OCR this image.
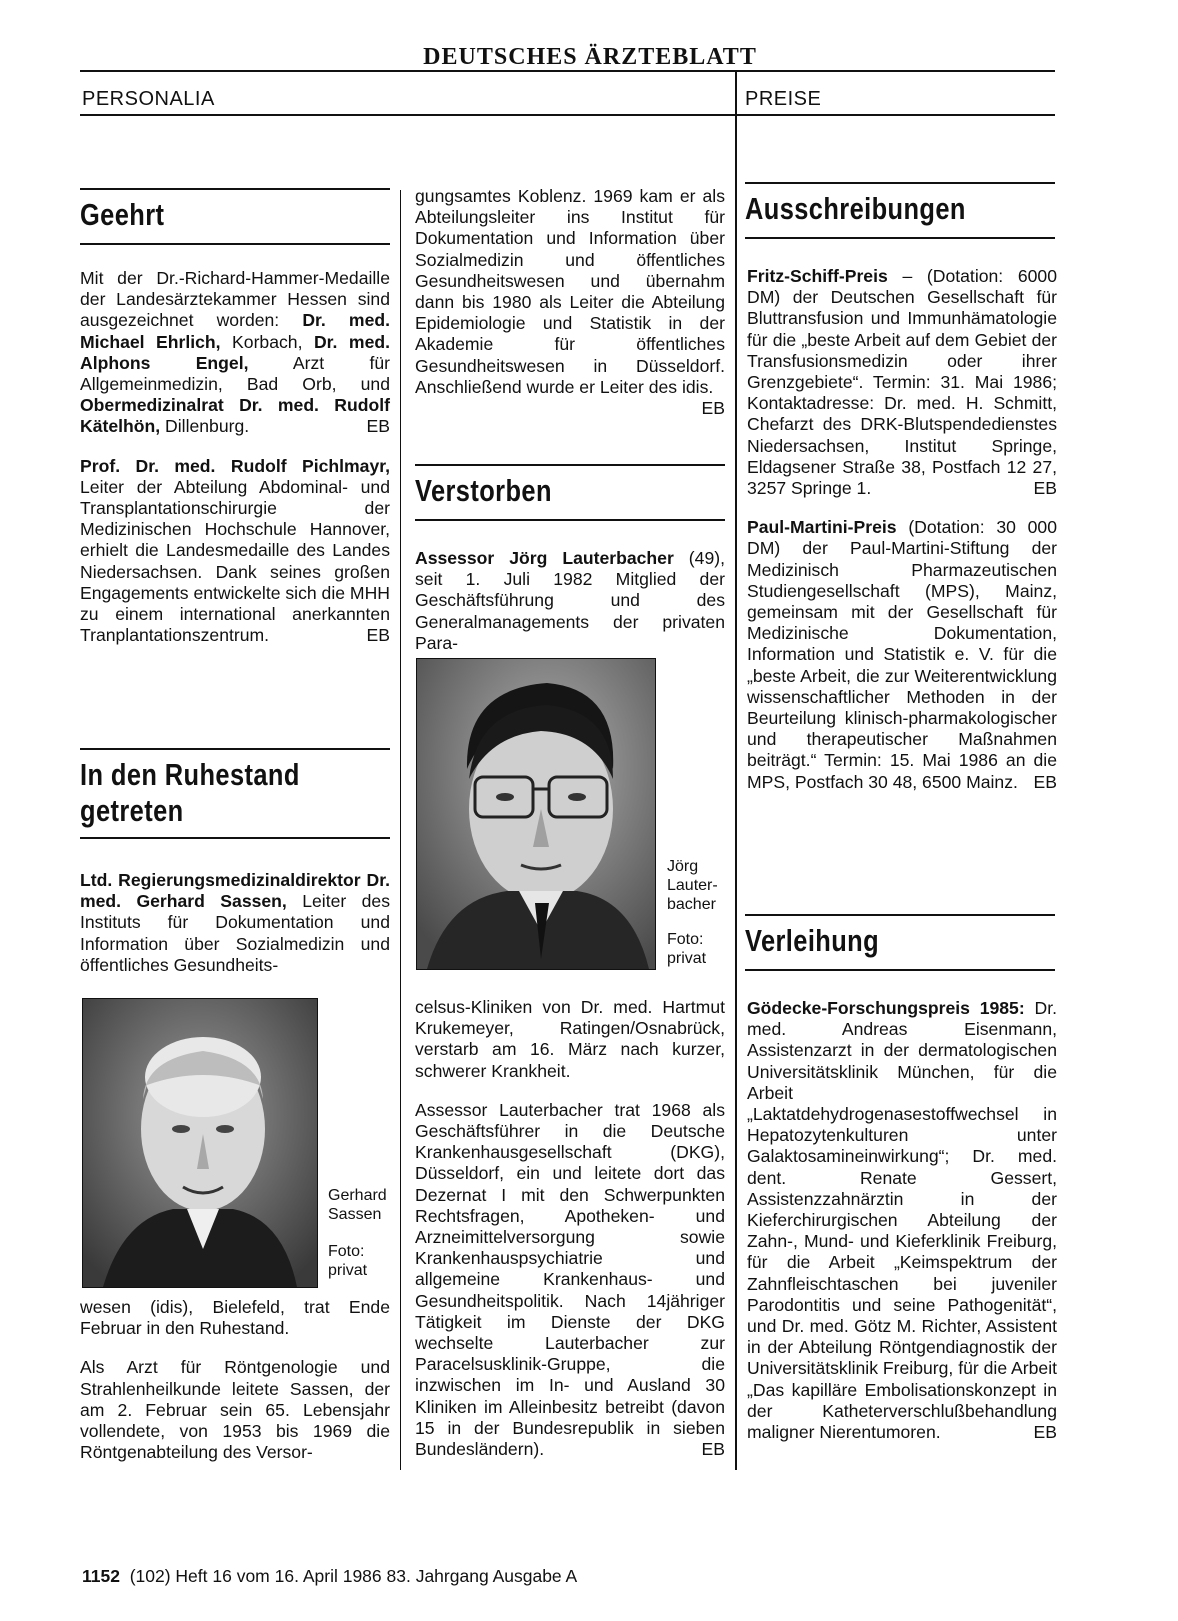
DEUTSCHES ÄRZTEBLATT
PERSONALIA	PREISE
Geehrt

Mit der Dr.-Richard-Hammer-Medaille der Landesärztekammer Hessen sind ausgezeichnet worden: Dr. med. Michael Ehrlich, Korbach, Dr. med. Alphons Engel, Arzt für Allgemeinmedizin, Bad Orb, und Obermedizinalrat Dr. med. Rudolf Kätelhön, Dillenburg.	EB

Prof. Dr. med. Rudolf Pichlmayr, Leiter der Abteilung Abdominal- und Transplantationschirurgie der Medizinischen Hochschule Hannover, erhielt die Landesmedaille des Landes Niedersachsen. Dank seines großen Engagements entwickelte sich die MHH zu einem international anerkannten Tranplantationszentrum.	EB

In den Ruhestand getreten

Ltd. Regierungsmedizinaldirektor Dr. med. Gerhard Sassen, Leiter des Instituts für Dokumentation und Information über Sozialmedizin und öffentliches Gesundheits-

Gerhard Sassen
Foto: privat

wesen (idis), Bielefeld, trat Ende Februar in den Ruhestand.

Als Arzt für Röntgenologie und Strahlenheilkunde leitete Sassen, der am 2. Februar sein 65. Lebensjahr vollendete, von 1953 bis 1969 die Röntgenabteilung des Versor-

gungsamtes Koblenz. 1969 kam er als Abteilungsleiter ins Institut für Dokumentation und Information über Sozialmedizin und öffentliches Gesundheitswesen und übernahm dann bis 1980 als Leiter die Abteilung Epidemiologie und Statistik in der Akademie für öffentliches Gesundheitswesen in Düsseldorf. Anschließend wurde er Leiter des idis.
EB

Verstorben

Assessor Jörg Lauterbacher (49), seit 1. Juli 1982 Mitglied der Geschäftsführung und des Generalmanagements der privaten Para-

Jörg Lauter-bacher
Foto: privat

celsus-Kliniken von Dr. med. Hartmut Krukemeyer, Ratingen/Osnabrück, verstarb am 16. März nach kurzer, schwerer Krankheit.

Assessor Lauterbacher trat 1968 als Geschäftsführer in die Deutsche Krankenhausgesellschaft (DKG), Düsseldorf, ein und leitete dort das Dezernat I mit den Schwerpunkten Rechtsfragen, Apotheken- und Arzneimittelversorgung sowie Krankenhauspsychiatrie und allgemeine Krankenhaus- und Gesundheitspolitik. Nach 14jähriger Tätigkeit im Dienste der DKG wechselte Lauterbacher zur Paracelsusklinik-Gruppe, die inzwischen im In- und Ausland 30 Kliniken im Alleinbesitz betreibt (davon 15 in der Bundesrepublik in sieben Bundesländern).	EB

Ausschreibungen

Fritz-Schiff-Preis – (Dotation: 6000 DM) der Deutschen Gesellschaft für Bluttransfusion und Immunhämatologie für die „beste Arbeit auf dem Gebiet der Transfusionsmedizin oder ihrer Grenzgebiete“. Termin: 31. Mai 1986; Kontaktadresse: Dr. med. H. Schmitt, Chefarzt des DRK-Blutspendedienstes Niedersachsen, Institut Springe, Eldagsener Straße 38, Postfach 12 27, 3257 Springe 1.	EB

Paul-Martini-Preis (Dotation: 30 000 DM) der Paul-Martini-Stiftung der Medizinisch Pharmazeutischen Studiengesellschaft (MPS), Mainz, gemeinsam mit der Gesellschaft für Medizinische Dokumentation, Information und Statistik e. V. für die „beste Arbeit, die zur Weiterentwicklung wissenschaftlicher Methoden in der Beurteilung klinisch-pharmakologischer und therapeutischer Maßnahmen beiträgt.“ Termin: 15. Mai 1986 an die MPS, Postfach 30 48, 6500 Mainz. EB

Verleihung

Gödecke-Forschungspreis 1985: Dr. med. Andreas Eisenmann, Assistenzarzt in der dermatologischen Universitätsklinik München, für die Arbeit „Laktatdehydrogenasestoffwechsel in Hepatozytenkulturen unter Galaktosamineinwirkung“; Dr. med. dent. Renate Gessert, Assistenzzahnärztin in der Kieferchirurgischen Abteilung der Zahn-, Mund- und Kieferklinik Freiburg, für die Arbeit „Keimspektrum der Zahnfleischtaschen bei juveniler Parodontitis und seine Pathogenität“, und Dr. med. Götz M. Richter, Assistent in der Abteilung Röntgendiagnostik der Universitätsklinik Freiburg, für die Arbeit „Das kapilläre Embolisationskonzept in der Katheterverschlußbehandlung maligner Nierentumoren.	EB

1152 (102) Heft 16 vom 16. April 1986 83. Jahrgang Ausgabe A
